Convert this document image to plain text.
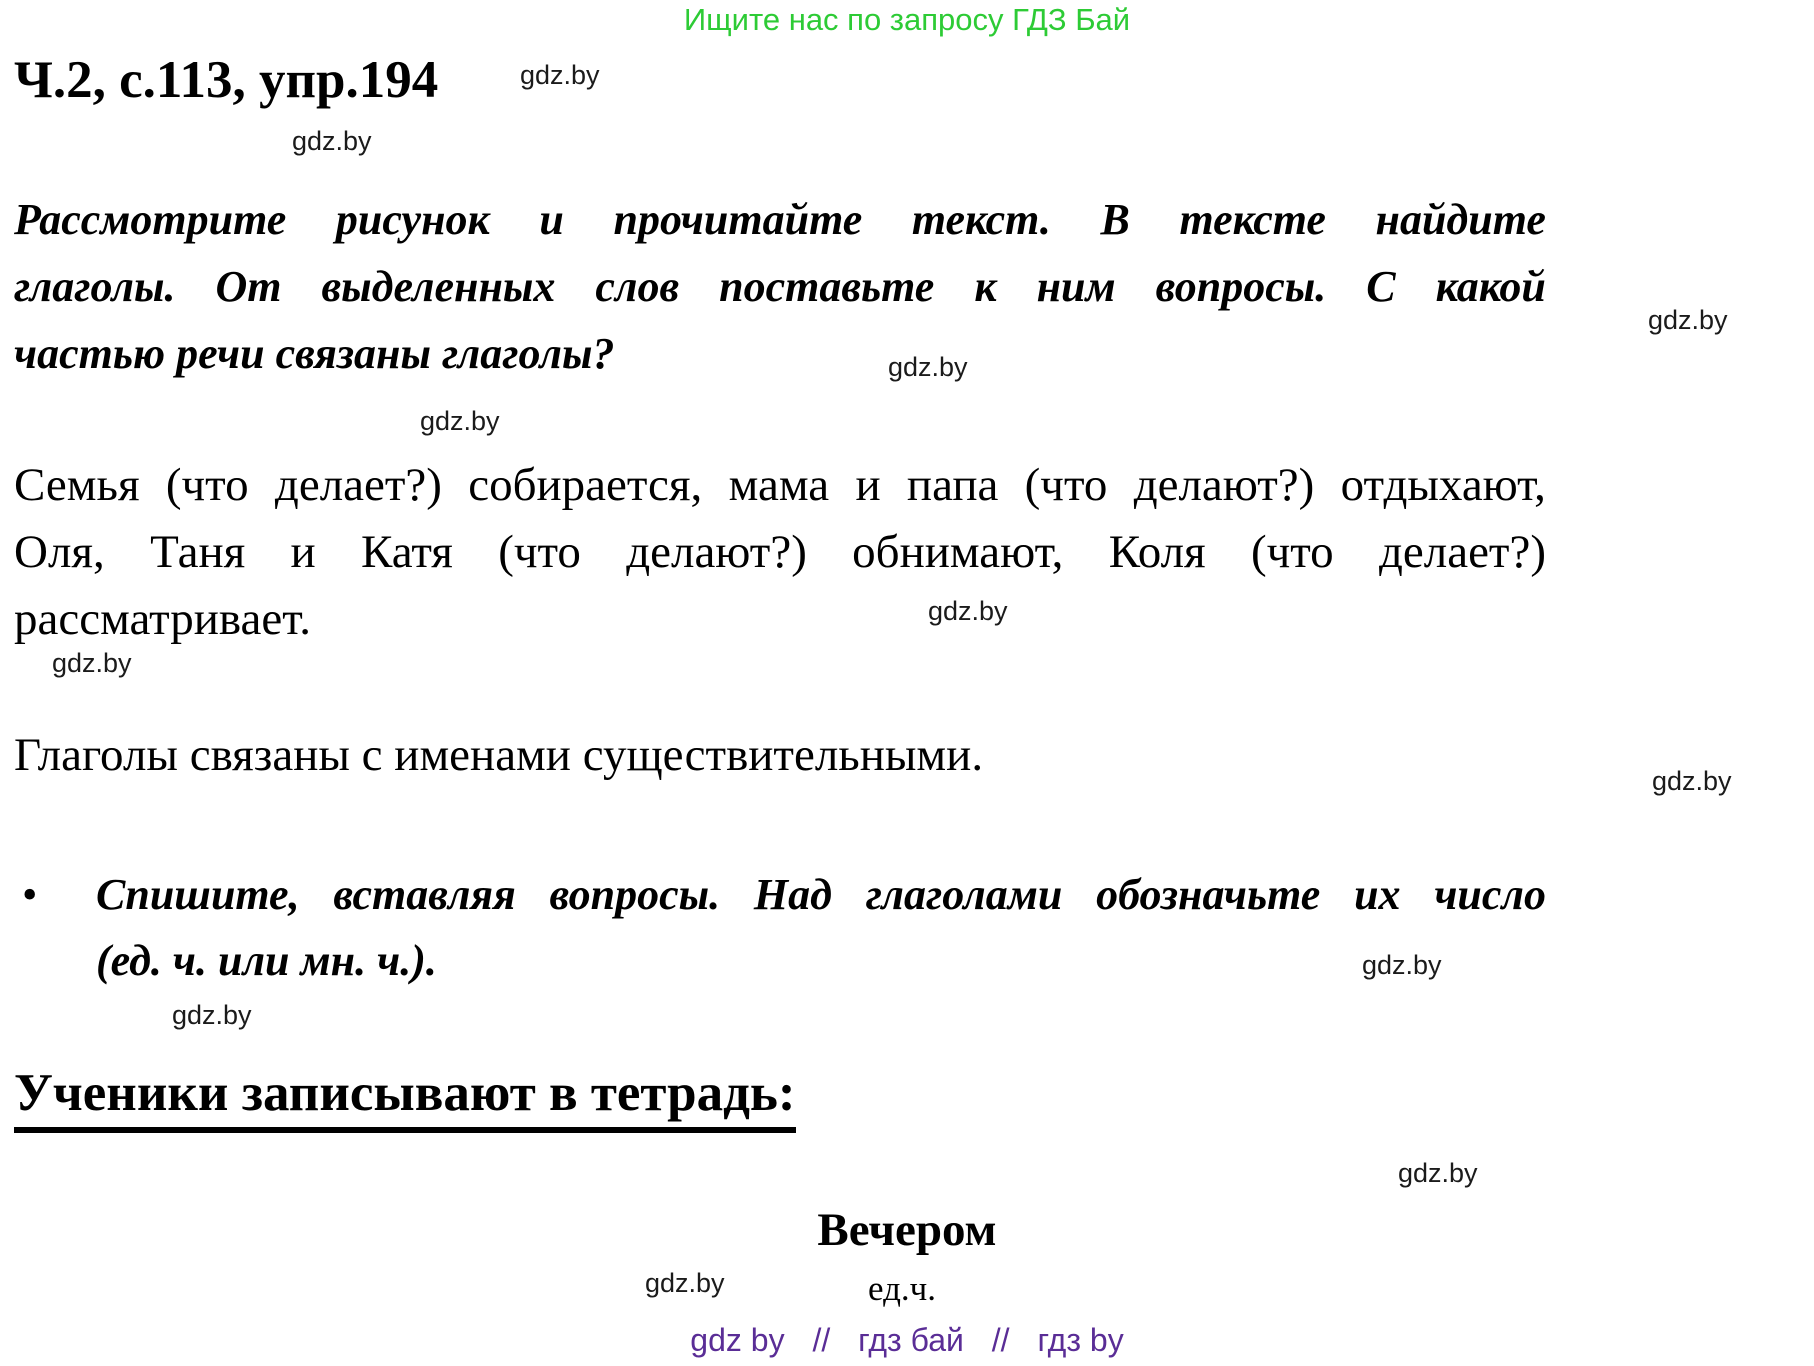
Ищите нас по запросу ГДЗ Бай
Ч.2, с.113, упр.194
Рассмотрите рисунок и прочитайте текст. В тексте найдите
глаголы. От выделенных слов поставьте к ним вопросы. С какой
частью речи связаны глаголы?
Семья (что делает?) собирается, мама и папа (что делают?) отдыхают,
Оля, Таня и Катя (что делают?) обнимают, Коля (что делает?)
рассматривает.
Глаголы связаны с именами существительными.
• Спишите, вставляя вопросы. Над глаголами обозначьте их число
(ед. ч. или мн. ч.).
Ученики записывают в тетрадь:
Вечером
ед.ч.
gdz by // гдз бай // гдз by
gdz.by
gdz.by
gdz.by
gdz.by
gdz.by
gdz.by
gdz.by
gdz.by
gdz.by
gdz.by
gdz.by
gdz.by
